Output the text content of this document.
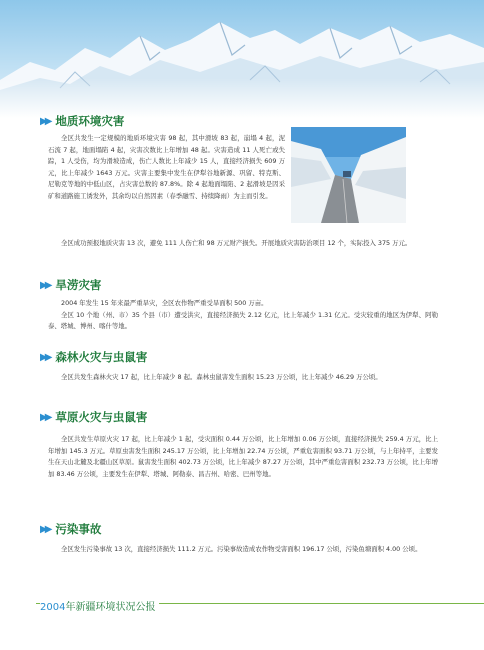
▶▶ 地质环境灾害

全区共发生一定规模的地质环境灾害 98 起，其中滑坡 83 起，崩塌 4 起，泥石流 7 起，地面塌陷 4 起，灾害次数比上年增加 48 起。灾害造成 11 人死亡或失踪，1 人受伤，均为滑坡造成，伤亡人数比上年减少 15 人，直接经济损失 609 万元，比上年减少 1643 万元。灾害主要集中发生在伊犁谷地新源、巩留、特克斯、尼勒克等地的中低山区，占灾害总数的 87.8%。除 4 起地面塌陷、2 起滑坡是因采矿和道路施工诱发外，其余均以自然因素（春季融雪、持续降雨）为主而引发。

全区成功预报地质灾害 13 次，避免 111 人伤亡和 98 万元财产损失。开展地质灾害防治项目 12 个，实际投入 375 万元。

▶▶ 旱涝灾害

2004 年发生 15 年来最严重旱灾，全区农作物严重受旱面积 500 万亩。

全区 10 个地（州、市）35 个县（市）遭受洪灾，直接经济损失 2.12 亿元，比上年减少 1.31 亿元。受灾较重的地区为伊犁、阿勒泰、塔城、博州、喀什等地。

▶▶ 森林火灾与虫鼠害

全区共发生森林火灾 17 起，比上年减少 8 起。森林虫鼠害发生面积 15.23 万公顷，比上年减少 46.29 万公顷。

▶▶ 草原火灾与虫鼠害

全区共发生草原火灾 17 起，比上年减少 1 起，受灾面积 0.44 万公顷，比上年增加 0.06 万公顷，直接经济损失 259.4 万元，比上年增加 145.3 万元。草原虫害发生面积 245.17 万公顷，比上年增加 22.74 万公顷，严重危害面积 93.71 万公顷，与上年持平，主要发生在天山北麓及北疆山区草原。鼠害发生面积 402.73 万公顷，比上年减少 87.27 万公顷，其中严重危害面积 232.73 万公顷，比上年增加 83.46 万公顷，主要发生在伊犁、塔城、阿勒泰、昌吉州、哈密、巴州等地。

▶▶ 污染事故

全区发生污染事故 13 次，直接经济损失 111.2 万元。污染事故造成农作物受害面积 196.17 公顷，污染鱼塘面积 4.00 公顷。

2004年新疆环境状况公报
